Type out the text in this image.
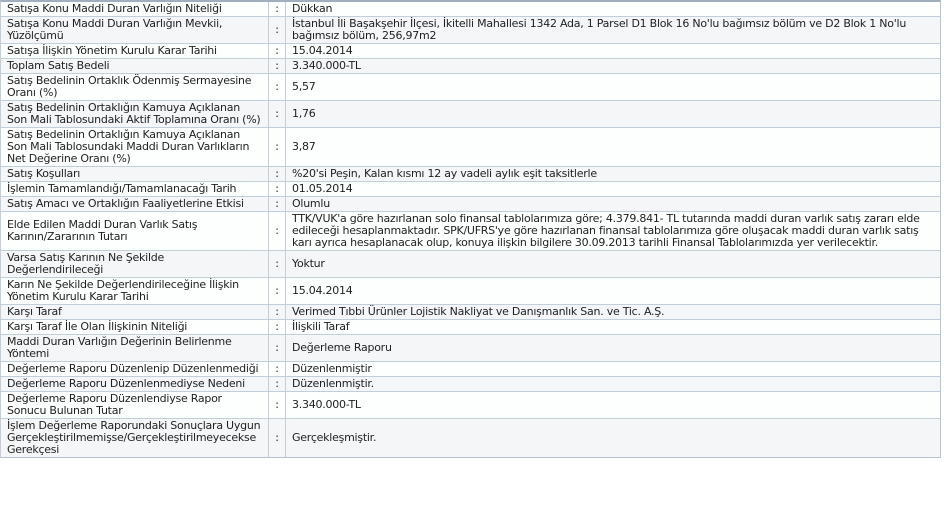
Satışa Konu Maddi Duran Varlığın Niteliği	: Dükkan
Satışa Konu Maddi Duran Varlığın Mevkii, Yüzölçümü	: İstanbul İli Başakşehir İlçesi, İkitelli Mahallesi 1342 Ada, 1 Parsel D1 Blok 16 No'lu bağımsız bölüm ve D2 Blok 1 No'lu bağımsız bölüm, 256,97m2
Satışa İlişkin Yönetim Kurulu Karar Tarihi	: 15.04.2014
Toplam Satış Bedeli	: 3.340.000-TL
Satış Bedelinin Ortaklık Ödenmiş Sermayesine Oranı (%)	: 5,57
Satış Bedelinin Ortaklığın Kamuya Açıklanan Son Mali Tablosundaki Aktif Toplamına Oranı (%) : 1,76
Satış Bedelinin Ortaklığın Kamuya Açıklanan Son Mali Tablosundaki Maddi Duran Varlıkların Net Değerine Oranı (%)
: 3,87
Satış Koşulları	: %20'si Peşin, Kalan kısmı 12 ay vadeli aylık eşit taksitlerle
İşlemin Tamamlandığı/Tamamlanacağı Tarih	: 01.05.2014
Satış Amacı ve Ortaklığın Faaliyetlerine Etkisi	: Olumlu
Elde Edilen Maddi Duran Varlık Satış Karının/Zararının Tutarı	:
TTK/VUK'a göre hazırlanan solo finansal tablolarımıza göre; 4.379.841- TL tutarında maddi duran varlık satış zararı elde edileceği hesaplanmaktadır. SPK/UFRS'ye göre hazırlanan finansal tablolarımıza göre oluşacak maddi duran varlık satış karı ayrıca hesaplanacak olup, konuya ilişkin bilgilere 30.09.2013 tarihli Finansal Tablolarımızda yer verilecektir.
Varsa Satış Karının Ne Şekilde Değerlendirileceği	: Yoktur
Karın Ne Şekilde Değerlendirileceğine İlişkin Yönetim Kurulu Karar Tarihi	: 15.04.2014
Karşı Taraf	: Verimed Tıbbi Ürünler Lojistik Nakliyat ve Danışmanlık San. ve Tic. A.Ş.
Karşı Taraf İle Olan İlişkinin Niteliği	: İlişkili Taraf
Maddi Duran Varlığın Değerinin Belirlenme Yöntemi	: Değerleme Raporu
Değerleme Raporu Düzenlenip Düzenlenmediği : Düzenlenmiştir
Değerleme Raporu Düzenlenmediyse Nedeni	: Düzenlenmiştir.
Değerleme Raporu Düzenlendiyse Rapor Sonucu Bulunan Tutar	: 3.340.000-TL
İşlem Değerleme Raporundaki Sonuçlara Uygun Gerçekleştirilmemişse/Gerçekleştirilmeyecekse Gerekçesi
: Gerçekleşmiştir.
